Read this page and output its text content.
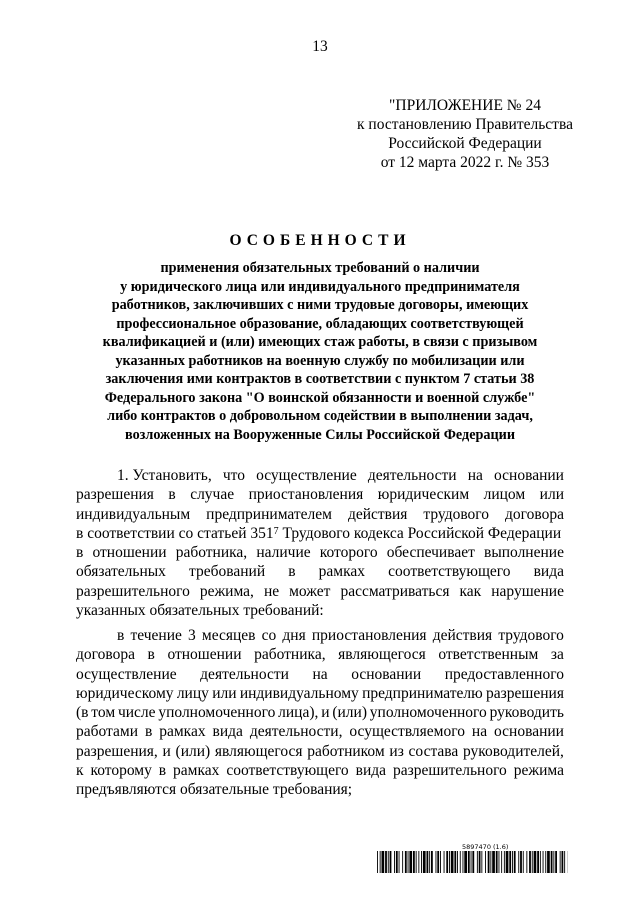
13
"ПРИЛОЖЕНИЕ № 24
к постановлению Правительства
Российской Федерации
от 12 марта 2022 г. № 353
ОСОБЕННОСТИ
применения обязательных требований о наличии
у юридического лица или индивидуального предпринимателя
работников, заключивших с ними трудовые договоры, имеющих
профессиональное образование, обладающих соответствующей
квалификацией и (или) имеющих стаж работы, в связи с призывом
указанных работников на военную службу по мобилизации или
заключения ими контрактов в соответствии с пунктом 7 статьи 38
Федерального закона "О воинской обязанности и военной службе"
либо контрактов о добровольном содействии в выполнении задач,
возложенных на Вооруженные Силы Российской Федерации
1. Установить, что осуществление деятельности на основании
разрешения в случае приостановления юридическим лицом или
индивидуальным предпринимателем действия трудового договора
в соответствии со статьей $351^7$ Трудового кодекса Российской Федерации
в отношении работника, наличие которого обеспечивает выполнение
обязательных требований в рамках соответствующего вида
разрешительного режима, не может рассматриваться как нарушение
указанных обязательных требований:
в течение 3 месяцев со дня приостановления действия трудового
договора в отношении работника, являющегося ответственным за
осуществление деятельности на основании предоставленного
юридическому лицу или индивидуальному предпринимателю разрешения
(в том числе уполномоченного лица), и (или) уполномоченного руководить
работами в рамках вида деятельности, осуществляемого на основании
разрешения, и (или) являющегося работником из состава руководителей,
к которому в рамках соответствующего вида разрешительного режима
предъявляются обязательные требования;
5897470 (1.6)
